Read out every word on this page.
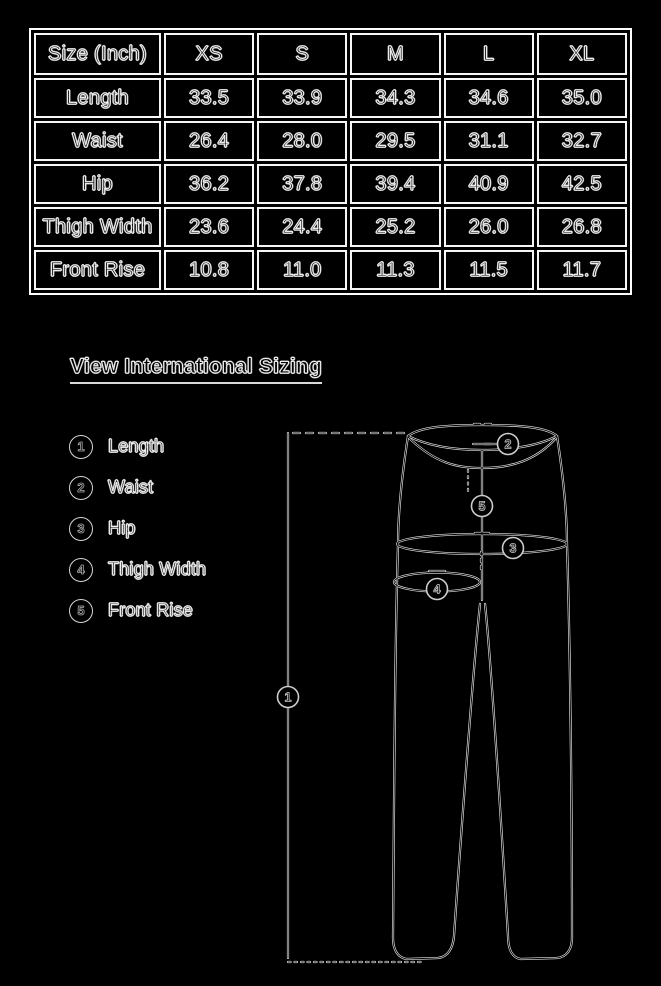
Size (Inch)	XS	S	M	L	XL
Length	33.5	33.9	34.3	34.6	35.0
Waist	26.4	28.0	29.5	31.1	32.7
Hip	36.2	37.8	39.4	40.9	42.5
Thigh Width	23.6	24.4	25.2	26.0	26.8
Front Rise	10.8	11.0	11.3	11.5	11.7
View International Sizing
1 Length
2 Waist
3 Hip
4 Thigh Width
5 Front Rise
1
2
3
4
5
